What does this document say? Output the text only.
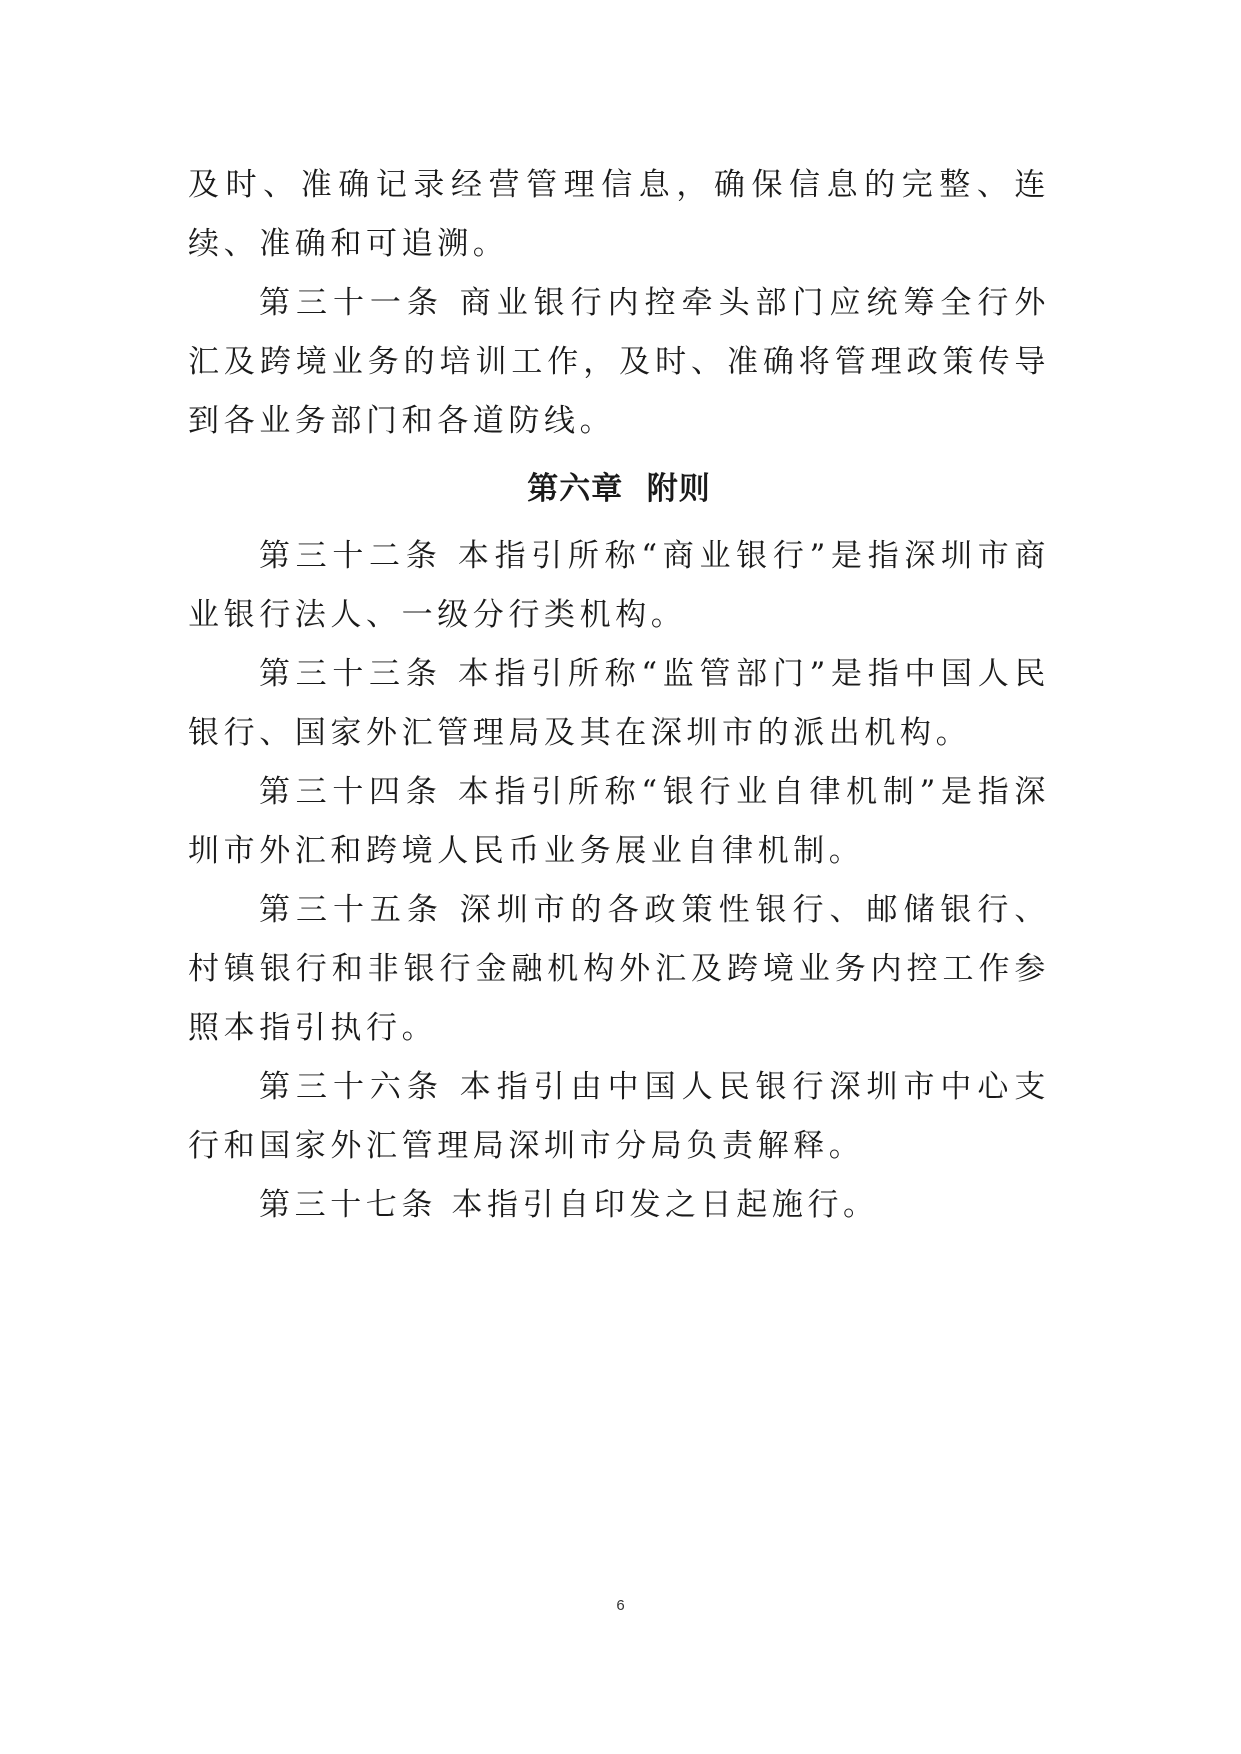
及时、准确记录经营管理信息，确保信息的完整、连续、准确和可追溯。

第三十一条 商业银行内控牵头部门应统筹全行外汇及跨境业务的培训工作，及时、准确将管理政策传导到各业务部门和各道防线。

第六章  附则

第三十二条 本指引所称“商业银行”是指深圳市商业银行法人、一级分行类机构。

第三十三条 本指引所称“监管部门”是指中国人民银行、国家外汇管理局及其在深圳市的派出机构。

第三十四条 本指引所称“银行业自律机制”是指深圳市外汇和跨境人民币业务展业自律机制。

第三十五条 深圳市的各政策性银行、邮储银行、村镇银行和非银行金融机构外汇及跨境业务内控工作参照本指引执行。

第三十六条 本指引由中国人民银行深圳市中心支行和国家外汇管理局深圳市分局负责解释。

第三十七条 本指引自印发之日起施行。

6
